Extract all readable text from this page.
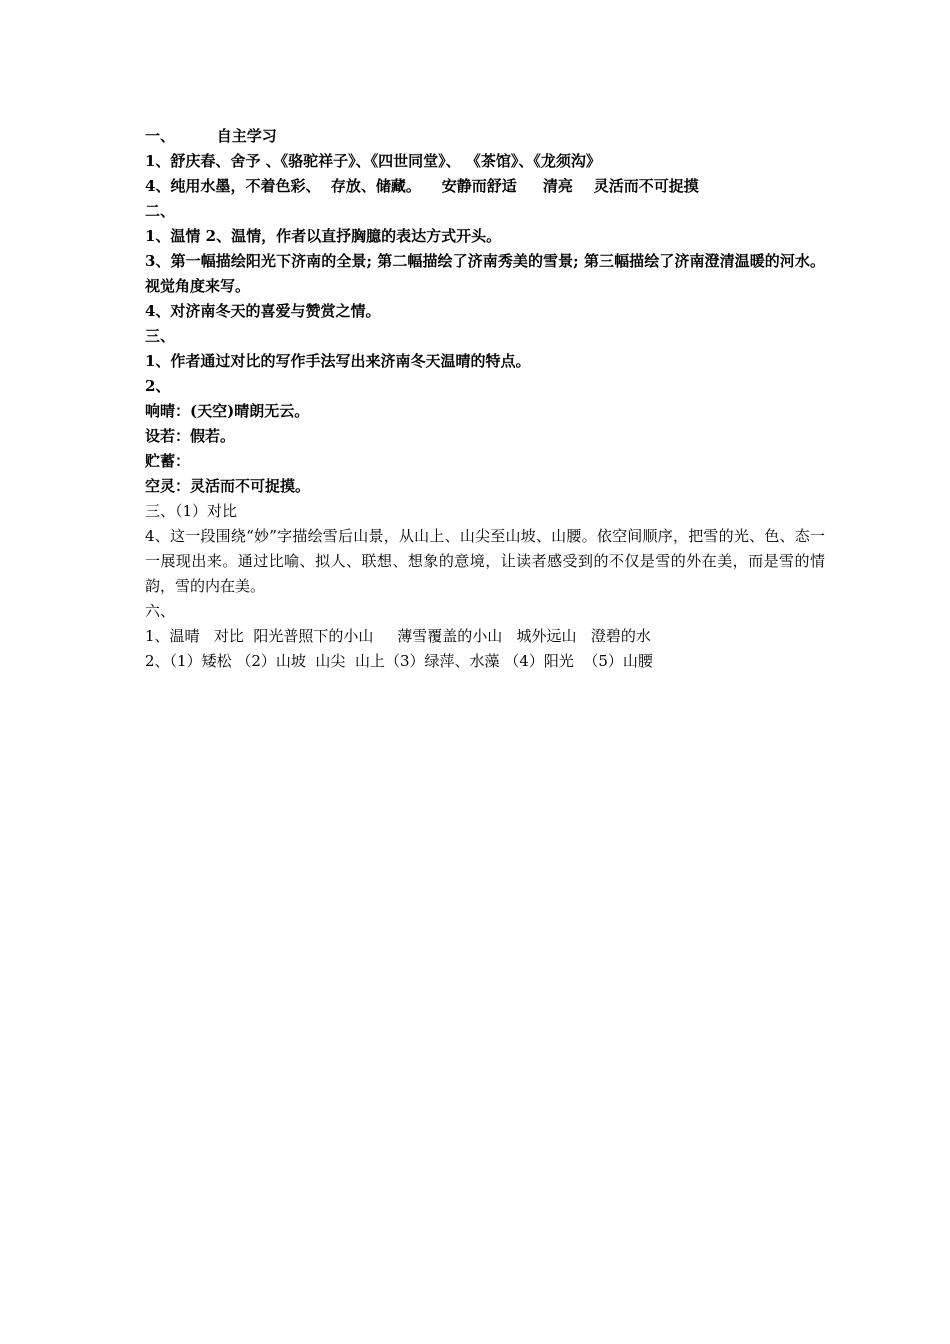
一、        自主学习
1、舒庆春、舍予 、《骆驼祥子》、《四世同堂》、 《茶馆》、《龙须沟》
4、纯用水墨，不着色彩、  存放、储藏。    安静而舒适     清亮    灵活而不可捉摸
二、
1、温情 2、温情，作者以直抒胸臆的表达方式开头。
3、第一幅描绘阳光下济南的全景; 第二幅描绘了济南秀美的雪景; 第三幅描绘了济南澄清温暖的河水。视觉角度来写。
4、对济南冬天的喜爱与赞赏之情。
三、
1、作者通过对比的写作手法写出来济南冬天温晴的特点。
2、
响晴：(天空)晴朗无云。
设若：假若。
贮蓄：
空灵：灵活而不可捉摸。
三、（1）对比
4、这一段围绕“妙”字描绘雪后山景，从山上、山尖至山坡、山腰。依空间顺序，把雪的光、色、态一一展现出来。通过比喻、拟人、联想、想象的意境，让读者感受到的不仅是雪的外在美，而是雪的情韵，雪的内在美。
六、
1、温晴   对比  阳光普照下的小山     薄雪覆盖的小山   城外远山   澄碧的水
2、（1）矮松 （2）山坡  山尖  山上（3）绿萍、水藻 （4）阳光  （5）山腰
